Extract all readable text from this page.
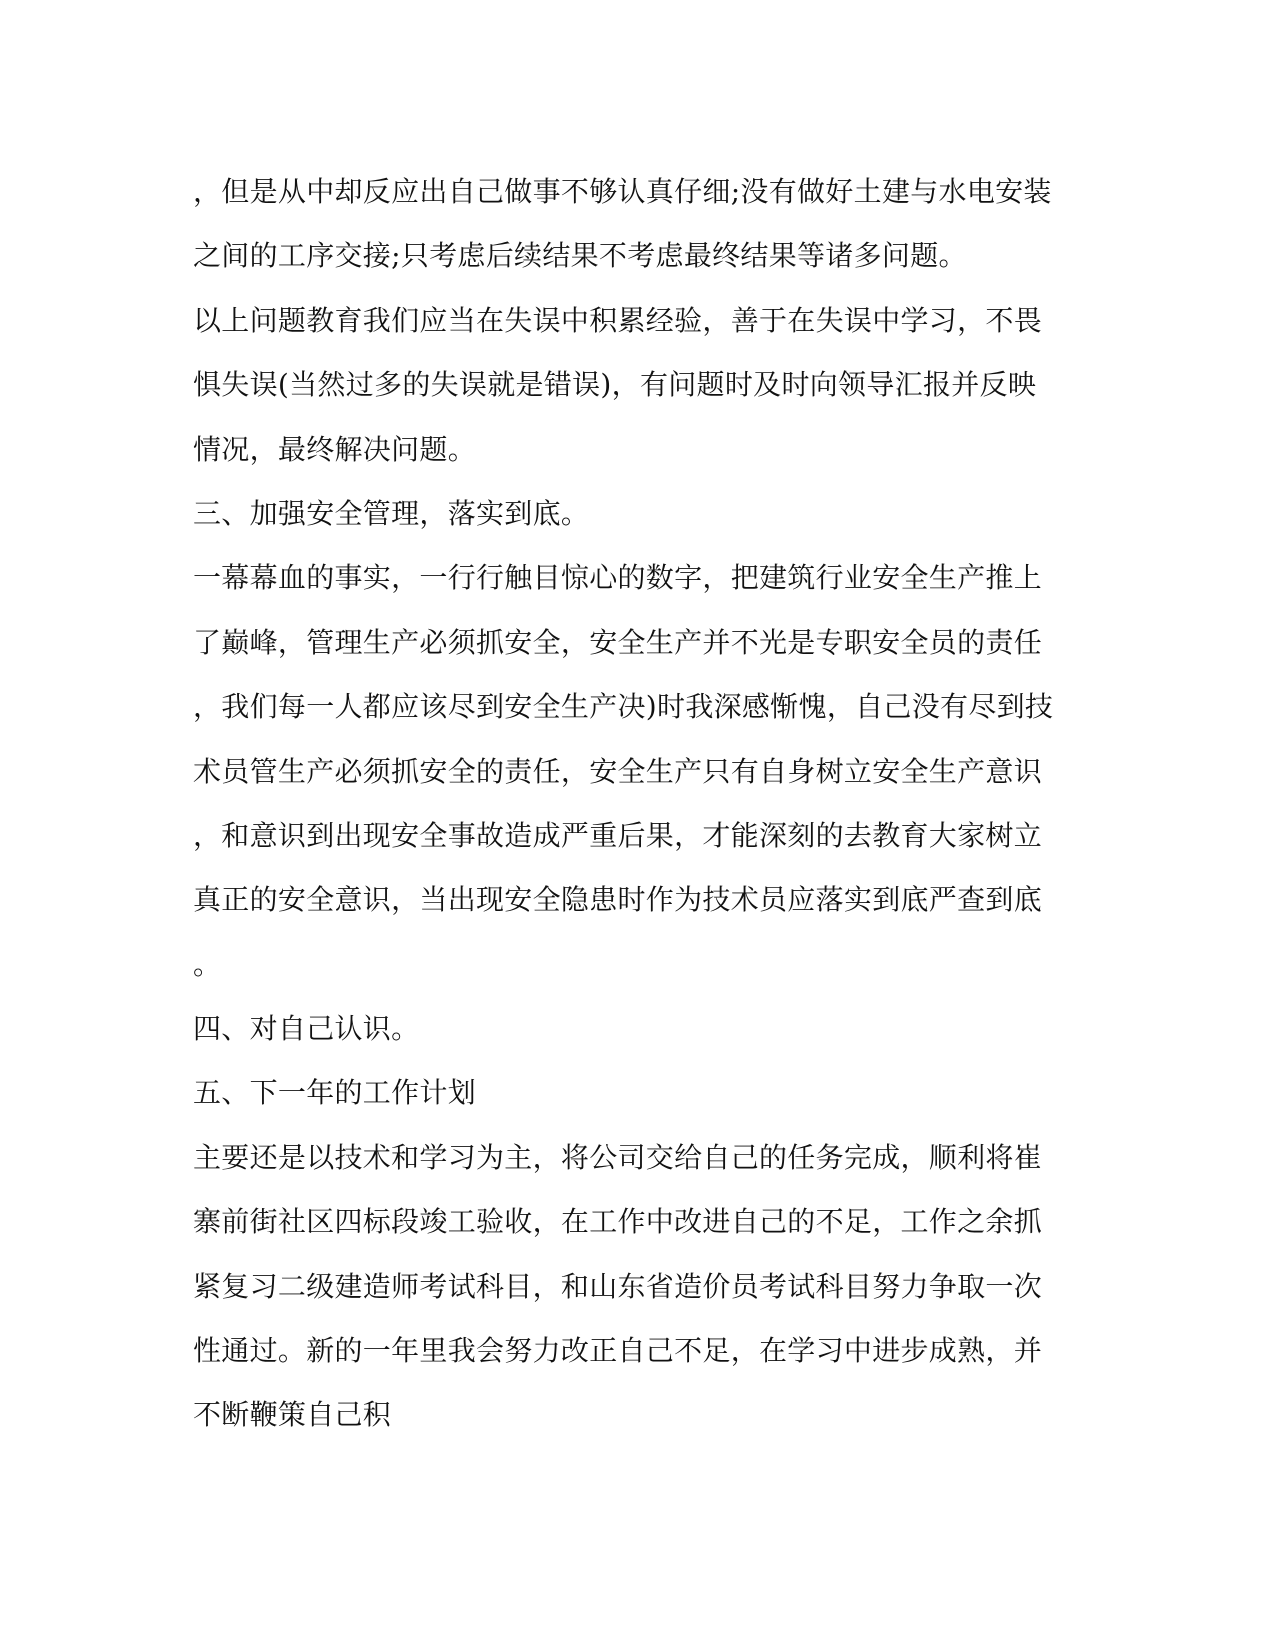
，但是从中却反应出自己做事不够认真仔细;没有做好土建与水电安装
之间的工序交接;只考虑后续结果不考虑最终结果等诸多问题。
以上问题教育我们应当在失误中积累经验，善于在失误中学习，不畏
惧失误(当然过多的失误就是错误)，有问题时及时向领导汇报并反映
情况，最终解决问题。
三、加强安全管理，落实到底。
一幕幕血的事实，一行行触目惊心的数字，把建筑行业安全生产推上
了巅峰，管理生产必须抓安全，安全生产并不光是专职安全员的责任
，我们每一人都应该尽到安全生产决)时我深感惭愧，自己没有尽到技
术员管生产必须抓安全的责任，安全生产只有自身树立安全生产意识
，和意识到出现安全事故造成严重后果，才能深刻的去教育大家树立
真正的安全意识，当出现安全隐患时作为技术员应落实到底严查到底
。
四、对自己认识。
五、下一年的工作计划
主要还是以技术和学习为主，将公司交给自己的任务完成，顺利将崔
寨前街社区四标段竣工验收，在工作中改进自己的不足，工作之余抓
紧复习二级建造师考试科目，和山东省造价员考试科目努力争取一次
性通过。新的一年里我会努力改正自己不足，在学习中进步成熟，并
不断鞭策自己积
